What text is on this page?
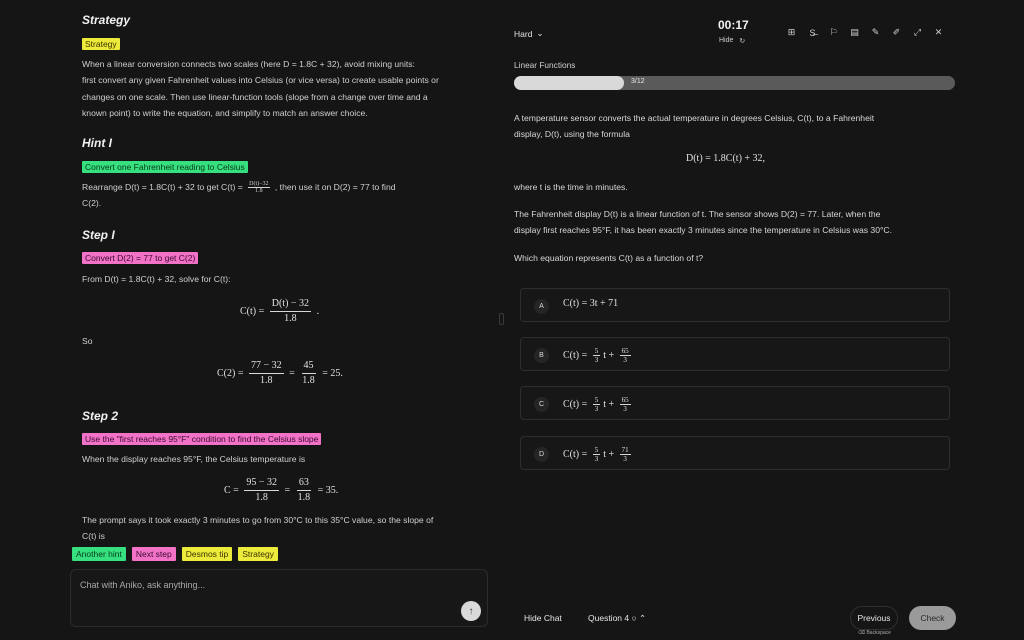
Strategy
Strategy
When a linear conversion connects two scales (here D = 1.8C + 32), avoid mixing units:
first convert any given Fahrenheit values into Celsius (or vice versa) to create usable points or
changes on one scale. Then use linear-function tools (slope from a change over time and a
known point) to write the equation, and simplify to match an answer choice.
Hint I
Convert one Fahrenheit reading to Celsius
Rearrange D(t) = 1.8C(t) + 32 to get $C(t) = \frac{D(t)-32}{1.8}$ , then use it on D(2) = 77 to find
C(2).
Step I
Convert D(2) = 77 to get C(2)
From D(t) = 1.8C(t) + 32, solve for C(t):
$C(t) = \frac{D(t) - 32}{1.8}$ .
So
$C(2) = \frac{77 - 32}{1.8} = \frac{45}{1.8} = 25$.
Step 2
Use the "first reaches 95°F" condition to find the Celsius slope
When the display reaches 95°F, the Celsius temperature is
$C = \frac{95 - 32}{1.8} = \frac{63}{1.8} = 35$.
The prompt says it took exactly 3 minutes to go from 30°C to this 35°C value, so the slope of
C(t) is
Another hint	Next step	Desmos tip	Strategy
Chat with Aniko, ask anything...
↑
Hard ⌄
00:17
Hide ↻
⊞ S̶ ⚐ ▤ ✎ ✐ ⤢ ✕
Linear Functions
3/12
A temperature sensor converts the actual temperature in degrees Celsius, C(t), to a Fahrenheit
display, D(t), using the formula
D(t) = 1.8C(t) + 32,
where t is the time in minutes.
The Fahrenheit display D(t) is a linear function of t. The sensor shows D(2) = 77. Later, when the
display first reaches 95°F, it has been exactly 3 minutes since the temperature in Celsius was 30°C.
Which equation represents C(t) as a function of t?
A	C(t) = 3t + 71
B	$C(t) = \frac{5}{3}$ $t + \frac{65}{3}$
C	$C(t) = \frac{5}{3}$ $t + \frac{65}{3}$
D	$C(t) = \frac{5}{3}$ $t + \frac{71}{3}$
Hide Chat	Question 4 ○ ⌃	Previous
⌫ Backspace
Check
